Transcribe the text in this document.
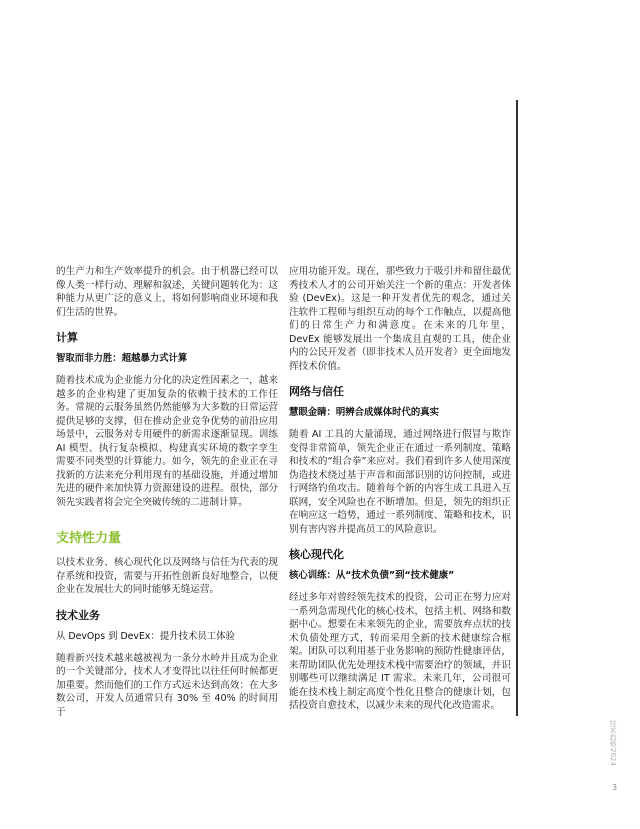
的生产力和生产效率提升的机会。由于机器已经可以像人类一样行动、理解和叙述，关键问题转化为：这种能力从更广泛的意义上，将如何影响商业环境和我们生活的世界。

计算
智取而非力胜：超越暴力式计算

随着技术成为企业能力分化的决定性因素之一，越来越多的企业构建了更加复杂的依赖于技术的工作任务。常规的云服务虽然仍然能够为大多数的日常运营提供足够的支撑，但在推动企业竞争优势的前沿应用场景中，云服务对专用硬件的新需求逐渐显现。训练 AI 模型、执行复杂模拟、构建真实环境的数字孪生需要不同类型的计算能力。如今，领先的企业正在寻找新的方法来充分利用现有的基础设施，并通过增加先进的硬件来加快算力资源建设的进程。很快，部分领先实践者将会完全突破传统的二进制计算。

支持性力量

以技术业务、核心现代化以及网络与信任为代表的现存系统和投资，需要与开拓性创新良好地整合，以便企业在发展壮大的同时能够无缝运营。

技术业务
从 DevOps 到 DevEx：提升技术员工体验

随着新兴技术越来越被视为一条分水岭并且成为企业的一个关键部分，技术人才变得比以往任何时候都更加重要。然而他们的工作方式远未达到高效：在大多数公司，开发人员通常只有 30% 至 40% 的时间用于

应用功能开发。现在，那些致力于吸引并和留住最优秀技术人才的公司开始关注一个新的重点：开发者体验 (DevEx)。这是一种开发者优先的观念，通过关注软件工程师与组织互动的每个工作触点，以提高他们的日常生产力和满意度。在未来的几年里，DevEx 能够发展出一个集成且直观的工具，使企业内的公民开发者（即非技术人员开发者）更全面地发挥技术价值。

网络与信任
慧眼金睛：明辨合成媒体时代的真实

随着 AI 工具的大量涌现，通过网络进行假冒与欺诈变得非常简单，领先企业正在通过一系列制度、策略和技术的“组合拳”来应对。我们看到许多人使用深度伪造技术绕过基于声音和面部识别的访问控制，或进行网络钓鱼攻击。随着每个新的内容生成工具进入互联网，安全风险也在不断增加。但是，领先的组织正在响应这一趋势，通过一系列制度、策略和技术，识别有害内容并提高员工的风险意识。

核心现代化
核心训练：从“技术负债”到“技术健康”

经过多年对曾经领先技术的投资，公司正在努力应对一系列急需现代化的核心技术，包括主机、网络和数据中心。想要在未来领先的企业，需要放弃点状的技术负债处理方式，转而采用全新的技术健康综合框架。团队可以利用基于业务影响的预防性健康评估，来帮助团队优先处理技术栈中需要治疗的领域，并识别哪些可以继续满足 IT 需求。未来几年，公司很可能在技术栈上制定高度个性化且整合的健康计划，包括投资自愈技术，以减少未来的现代化改造需求。

技术趋势2024
3
